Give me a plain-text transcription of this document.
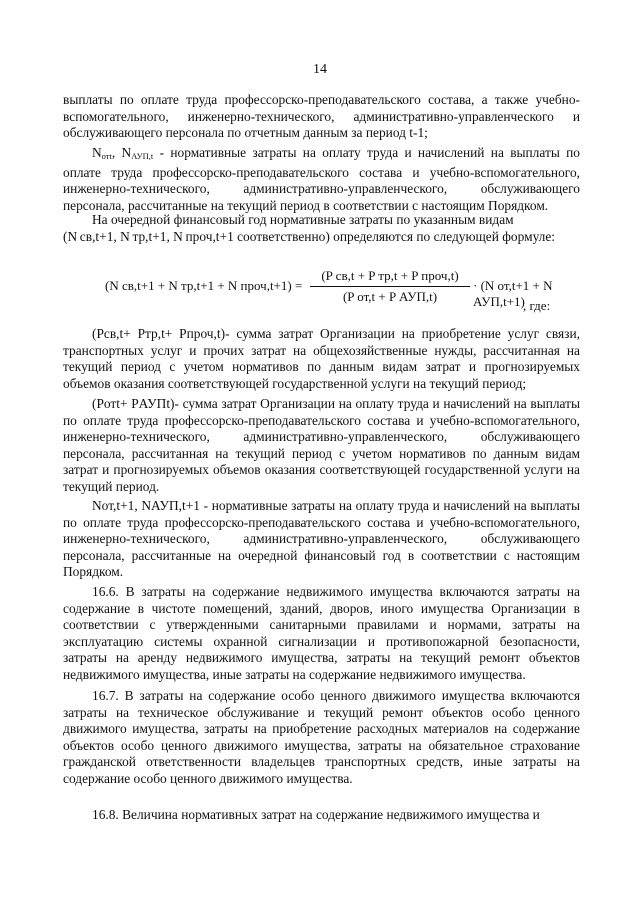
14
выплаты по оплате труда профессорско-преподавательского состава, а также учебно-вспомогательного, инженерно-технического, административно-управленческого и обслуживающего персонала по отчетным данным за период t-1;
Nотt, NАУП,t - нормативные затраты на оплату труда и начислений на выплаты по оплате труда профессорско-преподавательского состава и учебно-вспомогательного, инженерно-технического, административно-управленческого, обслуживающего персонала, рассчитанные на текущий период в соответствии с настоящим Порядком.
На очередной финансовый год нормативные затраты по указанным видам
(N св,t+1, N тр,t+1, N проч,t+1 соответственно) определяются по следующей формуле:
(N св,t+1 + N тр,t+1 + N проч,t+1) =
(P св,t + P тр,t + P проч,t)
(P от,t + P АУП,t)
· (N от,t+1 + N АУП,t+1)
, где:
(Pсв,t+ Pтр,t+ Pпроч,t)- сумма затрат Организации на приобретение услуг связи, транспортных услуг и прочих затрат на общехозяйственные нужды, рассчитанная на текущий период с учетом нормативов по данным видам затрат и прогнозируемых объемов оказания соответствующей государственной услуги на текущий период;
(Pотt+ PАУПt)- сумма затрат Организации на оплату труда и начислений на выплаты по оплате труда профессорско-преподавательского состава и учебно-вспомогательного, инженерно-технического, административно-управленческого, обслуживающего персонала, рассчитанная на текущий период с учетом нормативов по данным видам затрат и прогнозируемых объемов оказания соответствующей государственной услуги на текущий период.
Nот,t+1, NАУП,t+1 - нормативные затраты на оплату труда и начислений на выплаты по оплате труда профессорско-преподавательского состава и учебно-вспомогательного, инженерно-технического, административно-управленческого, обслуживающего персонала, рассчитанные на очередной финансовый год в соответствии с настоящим Порядком.
16.6. В затраты на содержание недвижимого имущества включаются затраты на содержание в чистоте помещений, зданий, дворов, иного имущества Организации в соответствии с утвержденными санитарными правилами и нормами, затраты на эксплуатацию системы охранной сигнализации и противопожарной безопасности, затраты на аренду недвижимого имущества, затраты на текущий ремонт объектов недвижимого имущества, иные затраты на содержание недвижимого имущества.
16.7. В затраты на содержание особо ценного движимого имущества включаются затраты на техническое обслуживание и текущий ремонт объектов особо ценного движимого имущества, затраты на приобретение расходных материалов на содержание объектов особо ценного движимого имущества, затраты на обязательное страхование гражданской ответственности владельцев транспортных средств, иные затраты на содержание особо ценного движимого имущества.
16.8. Величина нормативных затрат на содержание недвижимого имущества и
